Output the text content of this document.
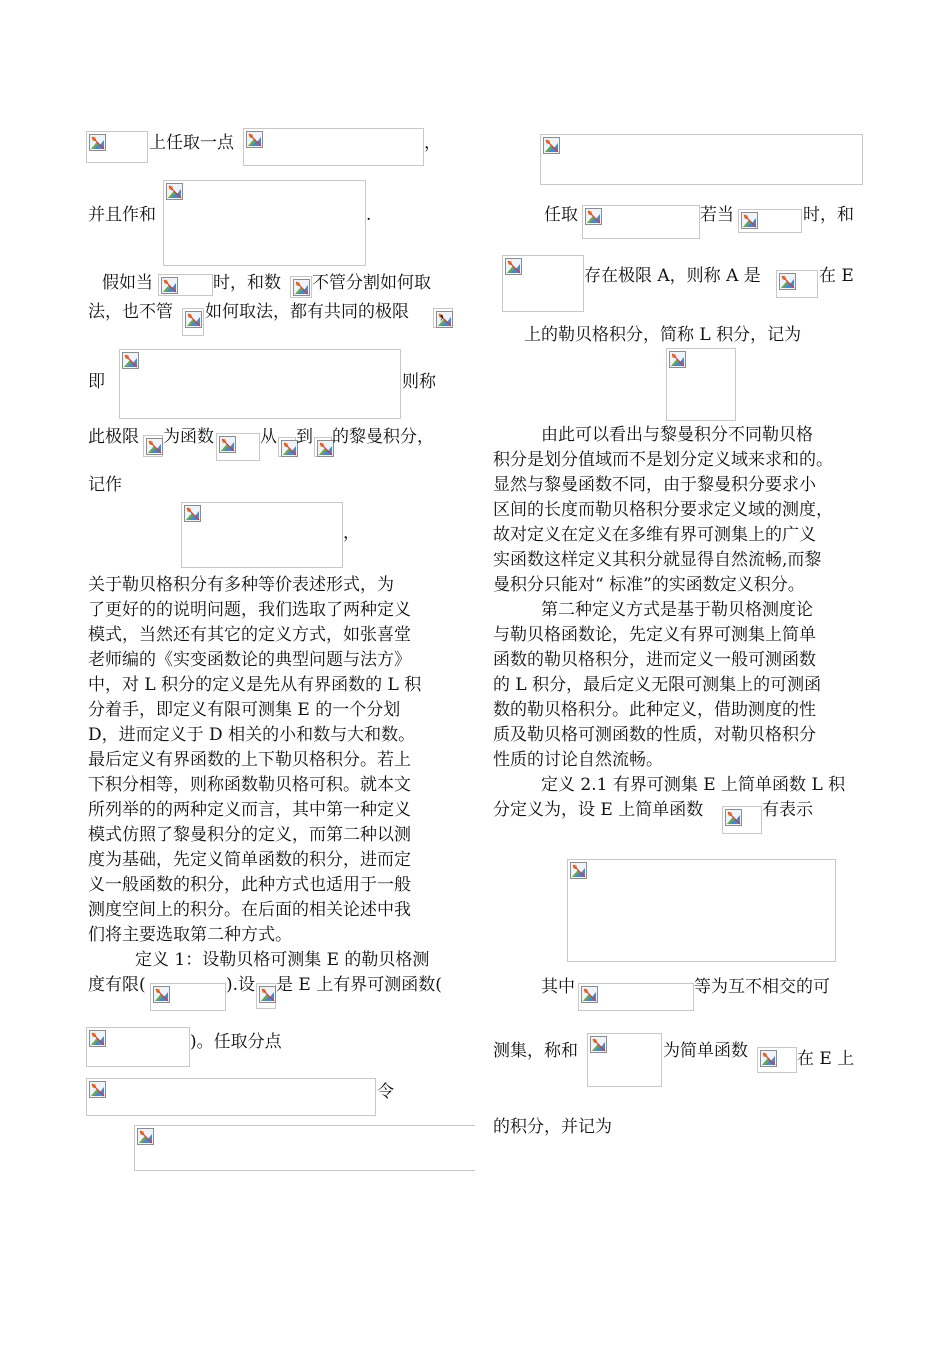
上任取一点	，
并且作和	.
假如当	时，和数 不管分割如何取
法，也不管 如何取法，都有共同的极限 ，
即	则称
此极限 为函数	从 到 的黎曼积分，
记作
，
关于勒贝格积分有多种等价表述形式，为
了更好的的说明问题，我们选取了两种定义
模式，当然还有其它的定义方式，如张喜堂
老师编的《实变函数论的典型问题与法方》
中，对 L 积分的定义是先从有界函数的 L 积
分着手，即定义有限可测集 E 的一个分划
D，进而定义于 D 相关的小和数与大和数。
最后定义有界函数的上下勒贝格积分。若上
下积分相等，则称函数勒贝格可积。就本文
所列举的的两种定义而言，其中第一种定义
模式仿照了黎曼积分的定义，而第二种以测
度为基础，先定义简单函数的积分，进而定
义一般函数的积分，此种方式也适用于一般
测度空间上的积分。在后面的相关论述中我
们将主要选取第二种方式。
定义 1：设勒贝格可测集 E 的勒贝格测
度有限(	).设 是 E 上有界可测函数(
)。任取分点
令
任取	若当	时，和
存在极限 A，则称 A 是	在 E
上的勒贝格积分，简称 L 积分，记为
由此可以看出与黎曼积分不同勒贝格
积分是划分值域而不是划分定义域来求和的。
显然与黎曼函数不同，由于黎曼积分要求小
区间的长度而勒贝格积分要求定义域的测度，
故对定义在定义在多维有界可测集上的广义
实函数这样定义其积分就显得自然流畅,而黎
曼积分只能对“ 标准”的实函数定义积分。
第二种定义方式是基于勒贝格测度论
与勒贝格函数论，先定义有界可测集上简单
函数的勒贝格积分，进而定义一般可测函数
的 L 积分，最后定义无限可测集上的可测函
数的勒贝格积分。此种定义，借助测度的性
质及勒贝格可测函数的性质，对勒贝格积分
性质的讨论自然流畅。
定义 2.1 有界可测集 E 上简单函数 L 积
分定义为，设 E 上简单函数	有表示
其中	等为互不相交的可
测集，称和	为简单函数	在 E 上
的积分，并记为
